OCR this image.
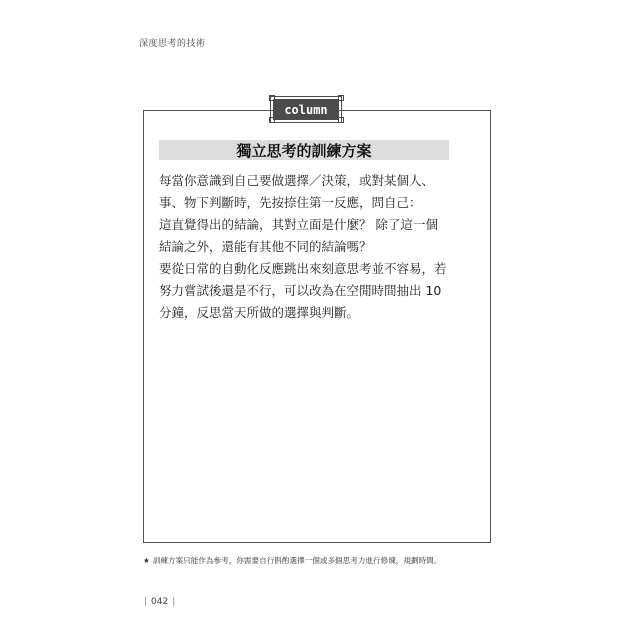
深度思考的技術
column
獨立思考的訓練方案
每當你意識到自己要做選擇／決策，或對某個人、事、物下判斷時，先按捺住第一反應，問自己：
這直覺得出的結論，其對立面是什麼？ 除了這一個結論之外，還能有其他不同的結論嗎？
要從日常的自動化反應跳出來刻意思考並不容易，若努力嘗試後還是不行，可以改為在空閒時間抽出 10 分鐘，反思當天所做的選擇與判斷。
★ 訓練方案只能作為參考，你需要自行斟酌選擇一個或多個思考力進行修煉，規劃時間。
| 042 |
